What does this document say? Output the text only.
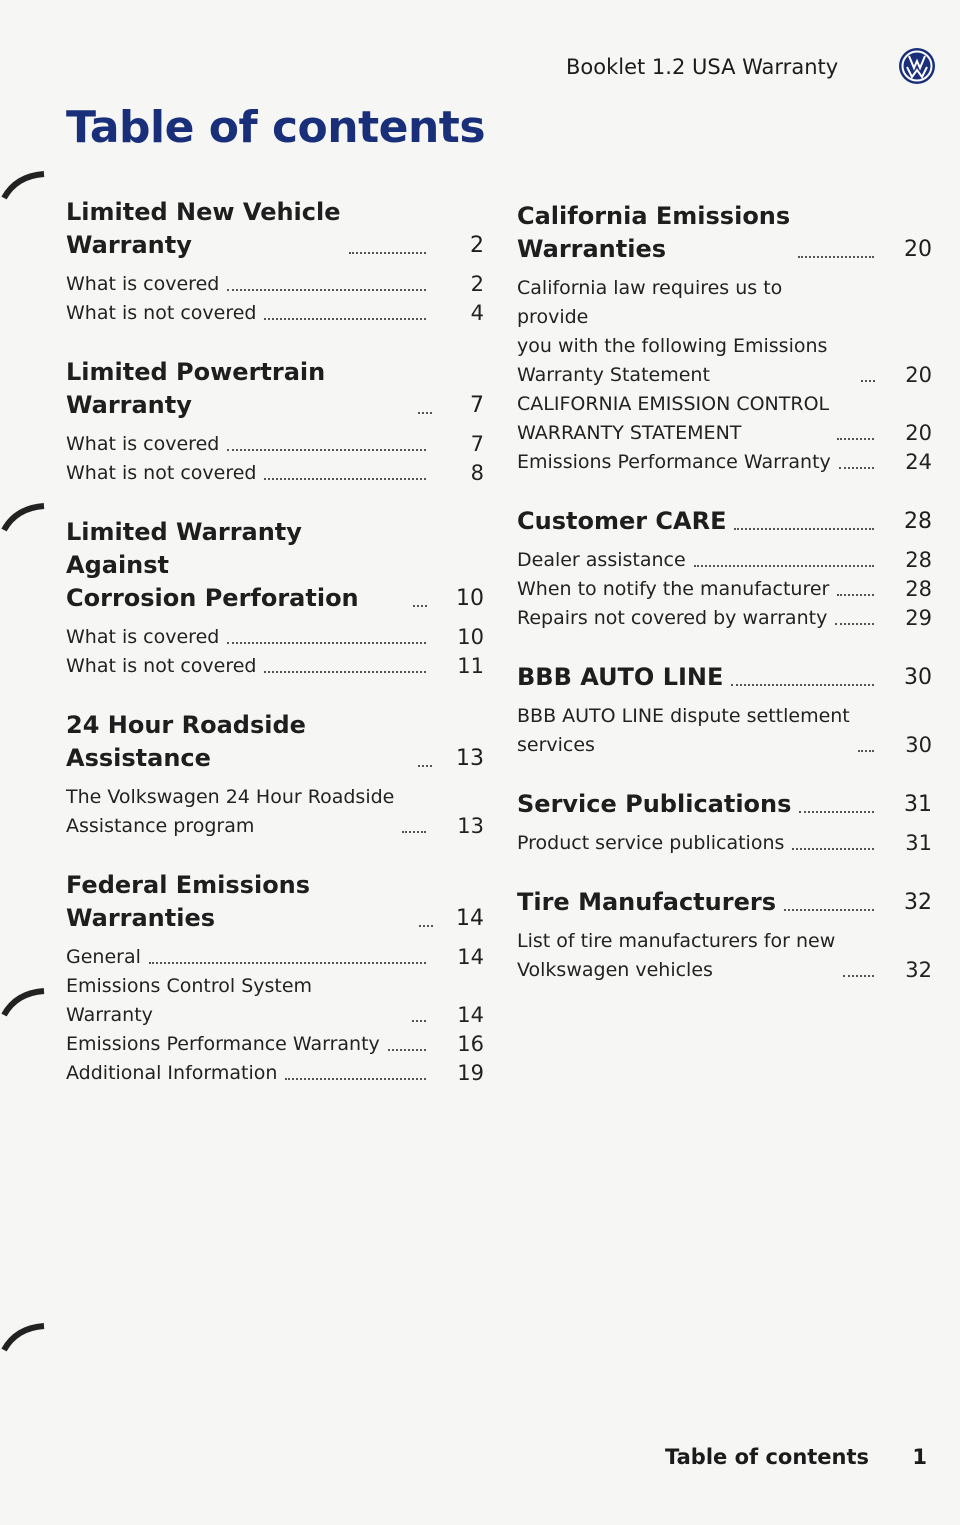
Booklet 1.2 USA Warranty
Table of contents
Limited New Vehicle
Warranty	2
What is covered	2
What is not covered	4
Limited Powertrain Warranty	7
What is covered	7
What is not covered	8
Limited Warranty Against
Corrosion Perforation	10
What is covered	10
What is not covered	11
24 Hour Roadside Assistance	13
The Volkswagen 24 Hour Roadside
Assistance program	13
Federal Emissions Warranties	14
General	14
Emissions Control System Warranty	14
Emissions Performance Warranty	16
Additional Information	19
California Emissions
Warranties	20
California law requires us to provide
you with the following Emissions
Warranty Statement	20
CALIFORNIA EMISSION CONTROL
WARRANTY STATEMENT	20
Emissions Performance Warranty	24
Customer CARE	28
Dealer assistance	28
When to notify the manufacturer	28
Repairs not covered by warranty	29
BBB AUTO LINE	30
BBB AUTO LINE dispute settlement
services	30
Service Publications	31
Product service publications	31
Tire Manufacturers	32
List of tire manufacturers for new
Volkswagen vehicles	32
Table of contents 1
